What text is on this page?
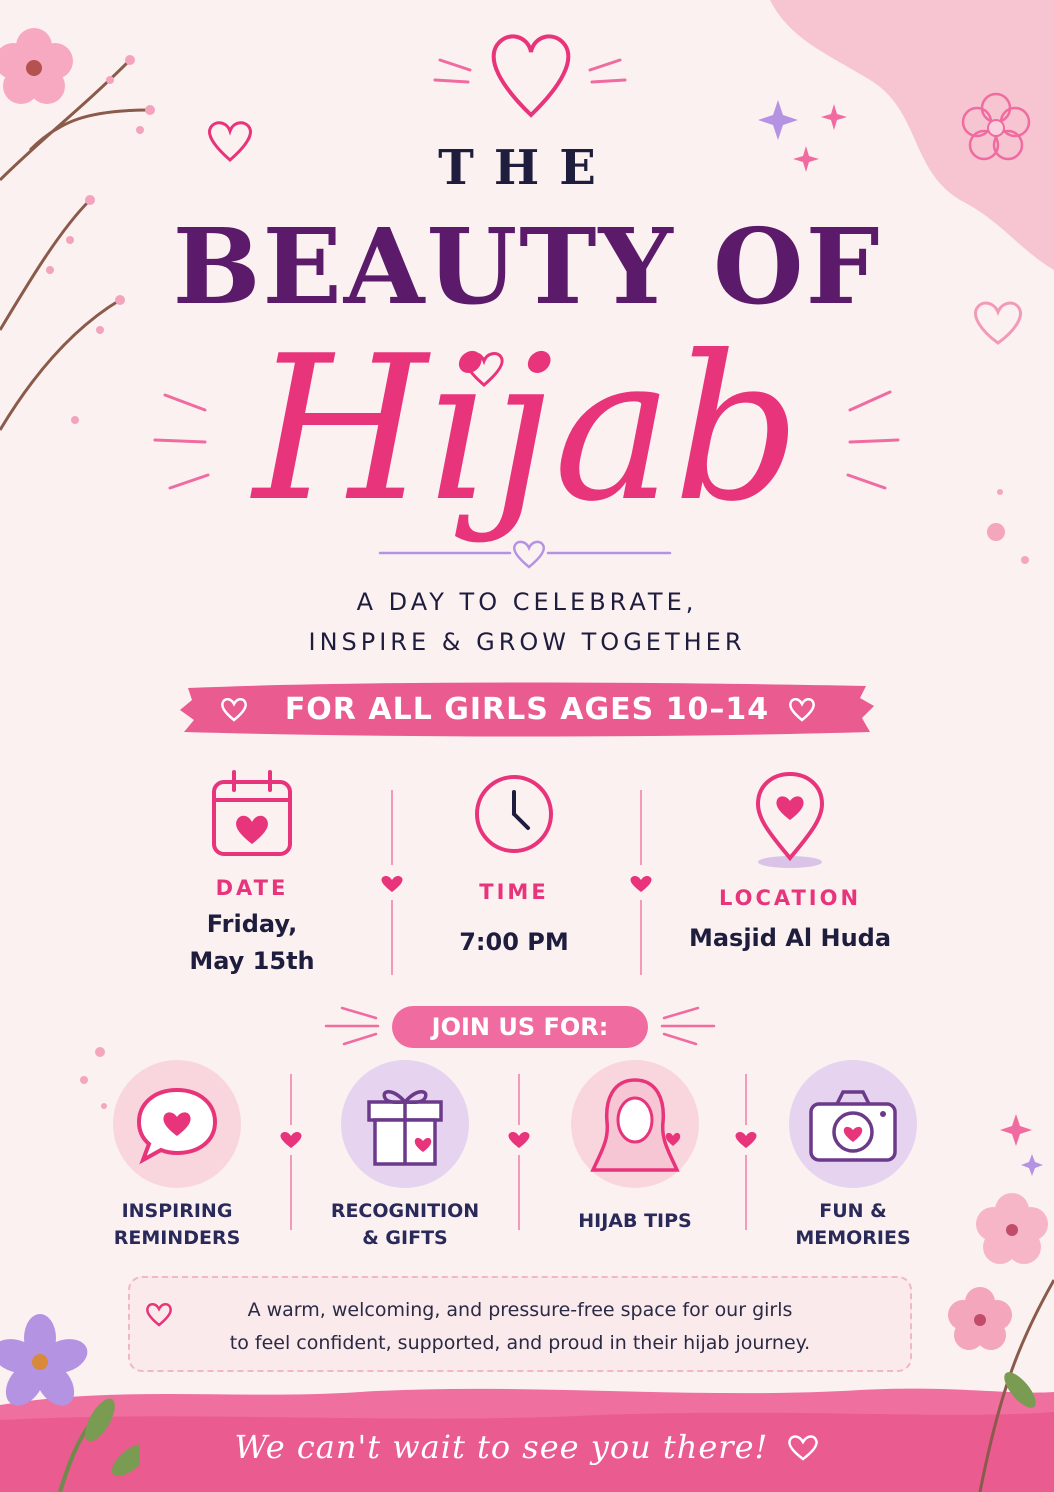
THE
BEAUTY OF
Hijab
A DAY TO CELEBRATE,
INSPIRE & GROW TOGETHER
FOR ALL GIRLS AGES 10–14
DATE
Friday,
May 15th
TIME
7:00 PM
LOCATION
Masjid Al Huda
JOIN US FOR:
INSPIRING
REMINDERS
RECOGNITION
& GIFTS
HIJAB TIPS	FUN &
MEMORIES
A warm, welcoming, and pressure-free space for our girls
to feel confident, supported, and proud in their hijab journey.
We can't wait to see you there!
